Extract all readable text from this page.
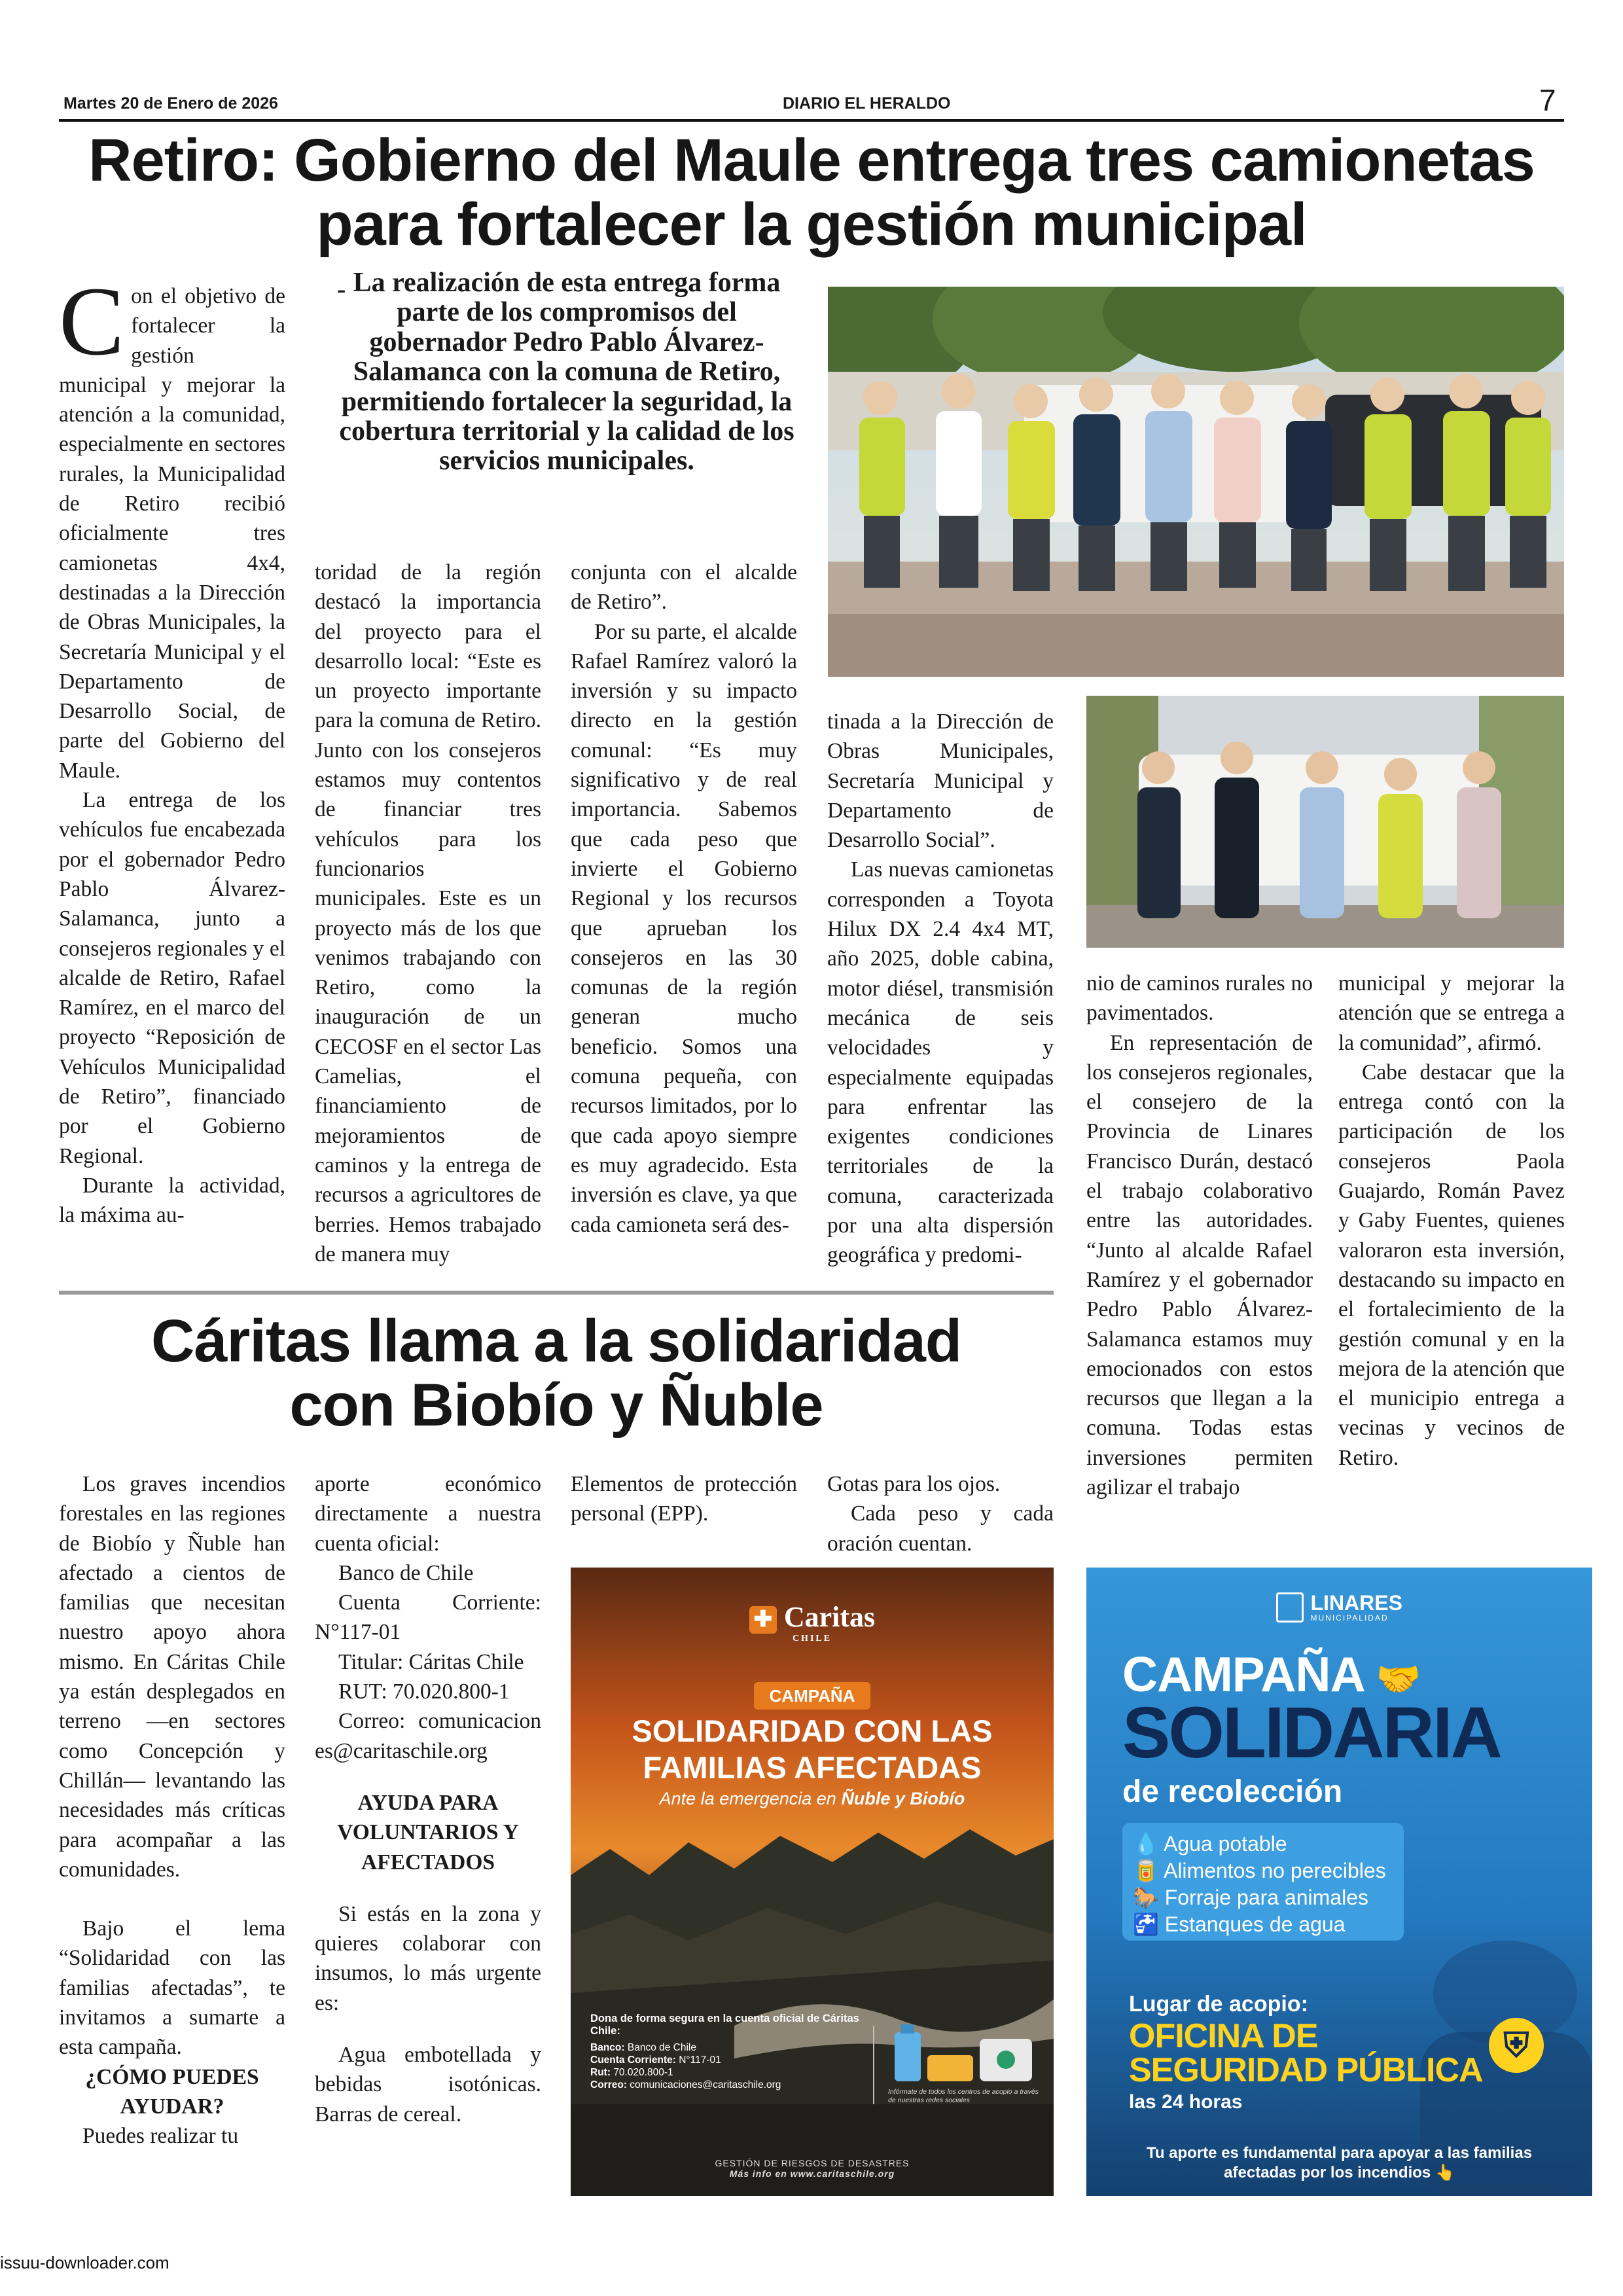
Martes 20 de Enero de 2026	DIARIO EL HERALDO	7
Retiro: Gobierno del Maule entrega tres camionetas
para fortalecer la gestión municipal
- La realización de esta entrega forma parte de los compromisos del gobernador Pedro Pablo Álvarez-Salamanca con la comuna de Retiro, permitiendo fortalecer la seguridad, la cobertura territorial y la calidad de los servicios municipales.

Con el objetivo de fortalecer la gestión municipal y mejorar la atención a la comunidad, especialmente en sectores rurales, la Municipalidad de Retiro recibió oficialmente tres camionetas 4x4, destinadas a la Dirección de Obras Municipales, la Secretaría Municipal y el Departamento de Desarrollo Social, de parte del Gobierno del Maule.

La entrega de los vehículos fue encabezada por el gobernador Pedro Pablo Álvarez-Salamanca, junto a consejeros regionales y el alcalde de Retiro, Rafael Ramírez, en el marco del proyecto “Reposición de Vehículos Municipalidad de Retiro”, financiado por el Gobierno Regional.

Durante la actividad, la máxima au-

toridad de la región destacó la importancia del proyecto para el desarrollo local: “Este es un proyecto importante para la comuna de Retiro. Junto con los consejeros estamos muy contentos de financiar tres vehículos para los funcionarios municipales. Este es un proyecto más de los que venimos trabajando con Retiro, como la inauguración de un CECOSF en el sector Las Camelias, el financiamiento de mejoramientos de caminos y la entrega de recursos a agricultores de berries. Hemos trabajado de manera muy

conjunta con el alcalde de Retiro”.

Por su parte, el alcalde Rafael Ramírez valoró la inversión y su impacto directo en la gestión comunal: “Es muy significativo y de real importancia. Sabemos que cada peso que invierte el Gobierno Regional y los recursos que aprueban los consejeros en las 30 comunas de la región generan mucho beneficio. Somos una comuna pequeña, con recursos limitados, por lo que cada apoyo siempre es muy agradecido. Esta inversión es clave, ya que cada camioneta será des-

tinada a la Dirección de Obras Municipales, Secretaría Municipal y Departamento de Desarrollo Social”.

Las nuevas camionetas corresponden a Toyota Hilux DX 2.4 4x4 MT, año 2025, doble cabina, motor diésel, transmisión mecánica de seis velocidades y especialmente equipadas para enfrentar las exigentes condiciones territoriales de la comuna, caracterizada por una alta dispersión geográfica y predomi-

nio de caminos rurales no pavimentados.

En representación de los consejeros regionales, el consejero de la Provincia de Linares Francisco Durán, destacó el trabajo colaborativo entre las autoridades. “Junto al alcalde Rafael Ramírez y el gobernador Pedro Pablo Álvarez-Salamanca estamos muy emocionados con estos recursos que llegan a la comuna. Todas estas inversiones permiten agilizar el trabajo

municipal y mejorar la atención que se entrega a la comunidad”, afirmó.

Cabe destacar que la entrega contó con la participación de los consejeros Paola Guajardo, Román Pavez y Gaby Fuentes, quienes valoraron esta inversión, destacando su impacto en el fortalecimiento de la gestión comunal y en la mejora de la atención que el municipio entrega a vecinas y vecinos de Retiro.

Cáritas llama a la solidaridad
con Biobío y Ñuble

Los graves incendios forestales en las regiones de Biobío y Ñuble han afectado a cientos de familias que necesitan nuestro apoyo ahora mismo. En Cáritas Chile ya están desplegados en terreno —en sectores como Concepción y Chillán— levantando las necesidades más críticas para acompañar a las comunidades.

Bajo el lema “Solidaridad con las familias afectadas”, te invitamos a sumarte a esta campaña.

¿CÓMO PUEDES AYUDAR?

Puedes realizar tu

aporte económico directamente a nuestra cuenta oficial:

Banco de Chile

Cuenta Corriente: N°117-01

Titular: Cáritas Chile

RUT: 70.020.800-1

Correo: comunicaciones@caritaschile.org

AYUDA PARA VOLUNTARIOS Y AFECTADOS

Si estás en la zona y quieres colaborar con insumos, lo más urgente es:

Agua embotellada y bebidas isotónicas. Barras de cereal.

Elementos de protección personal (EPP).

Gotas para los ojos.

Cada peso y cada oración cuentan.

✚ Caritas
CHILE
CAMPAÑA
SOLIDARIDAD CON LAS
FAMILIAS AFECTADAS
Ante la emergencia en Ñuble y Biobío
Dona de forma segura en la cuenta oficial de Cáritas Chile:
Banco: Banco de Chile
Cuenta Corriente: N°117-01
Rut: 70.020.800-1
Correo: comunicaciones@caritaschile.org
Infórmate de todos los centros de acopio a través de nuestras redes sociales
GESTIÓN DE RIESGOS DE DESASTRES
Más info en www.caritaschile.org

LINARES
MUNICIPALIDAD
CAMPAÑA 🤝
SOLIDARIA
de recolección
💧 Agua potable
🥫 Alimentos no perecibles
🐎 Forraje para animales
🚰 Estanques de agua
Lugar de acopio:
OFICINA DE
SEGURIDAD PÚBLICA
⛨
las 24 horas
Tu aporte es fundamental para apoyar a las familias afectadas por los incendios 👆
issuu-downloader.com
